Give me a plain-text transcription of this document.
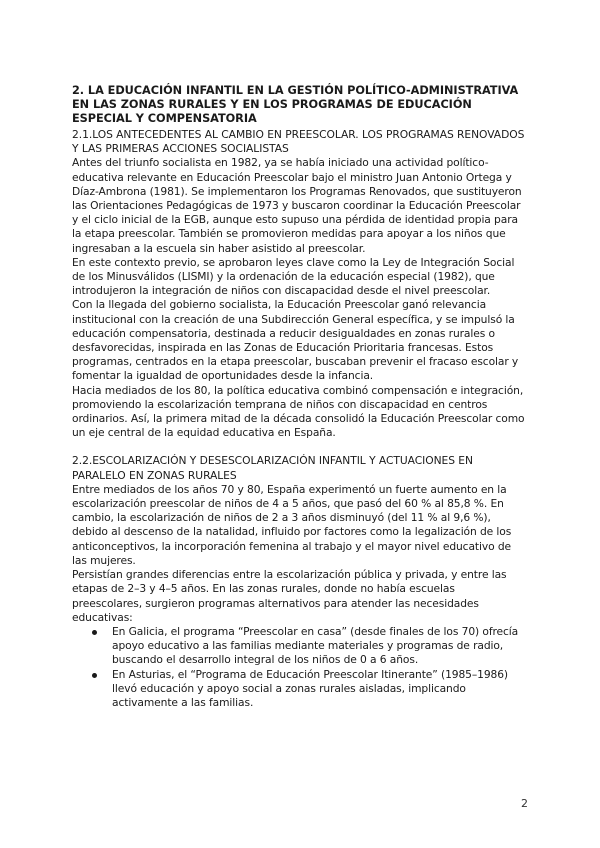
2. LA EDUCACIÓN INFANTIL EN LA GESTIÓN POLÍTICO-ADMINISTRATIVA EN LAS ZONAS RURALES Y EN LOS PROGRAMAS DE EDUCACIÓN ESPECIAL Y COMPENSATORIA
2.1.LOS ANTECEDENTES AL CAMBIO EN PREESCOLAR. LOS PROGRAMAS RENOVADOS Y LAS PRIMERAS ACCIONES SOCIALISTAS

Antes del triunfo socialista en 1982, ya se había iniciado una actividad político-educativa relevante en Educación Preescolar bajo el ministro Juan Antonio Ortega y Díaz-Ambrona (1981). Se implementaron los Programas Renovados, que sustituyeron las Orientaciones Pedagógicas de 1973 y buscaron coordinar la Educación Preescolar y el ciclo inicial de la EGB, aunque esto supuso una pérdida de identidad propia para la etapa preescolar. También se promovieron medidas para apoyar a los niños que ingresaban a la escuela sin haber asistido al preescolar.

En este contexto previo, se aprobaron leyes clave como la Ley de Integración Social de los Minusválidos (LISMI) y la ordenación de la educación especial (1982), que introdujeron la integración de niños con discapacidad desde el nivel preescolar.

Con la llegada del gobierno socialista, la Educación Preescolar ganó relevancia institucional con la creación de una Subdirección General específica, y se impulsó la educación compensatoria, destinada a reducir desigualdades en zonas rurales o desfavorecidas, inspirada en las Zonas de Educación Prioritaria francesas. Estos programas, centrados en la etapa preescolar, buscaban prevenir el fracaso escolar y fomentar la igualdad de oportunidades desde la infancia.

Hacia mediados de los 80, la política educativa combinó compensación e integración, promoviendo la escolarización temprana de niños con discapacidad en centros ordinarios. Así, la primera mitad de la década consolidó la Educación Preescolar como un eje central de la equidad educativa en España.

2.2.ESCOLARIZACIÓN Y DESESCOLARIZACIÓN INFANTIL Y ACTUACIONES EN PARALELO EN ZONAS RURALES

Entre mediados de los años 70 y 80, España experimentó un fuerte aumento en la escolarización preescolar de niños de 4 a 5 años, que pasó del 60 % al 85,8 %. En cambio, la escolarización de niños de 2 a 3 años disminuyó (del 11 % al 9,6 %), debido al descenso de la natalidad, influido por factores como la legalización de los anticonceptivos, la incorporación femenina al trabajo y el mayor nivel educativo de las mujeres.

Persistían grandes diferencias entre la escolarización pública y privada, y entre las etapas de 2–3 y 4–5 años. En las zonas rurales, donde no había escuelas preescolares, surgieron programas alternativos para atender las necesidades educativas:

En Galicia, el programa “Preescolar en casa” (desde finales de los 70) ofrecía apoyo educativo a las familias mediante materiales y programas de radio, buscando el desarrollo integral de los niños de 0 a 6 años.
En Asturias, el “Programa de Educación Preescolar Itinerante” (1985–1986) llevó educación y apoyo social a zonas rurales aisladas, implicando activamente a las familias.
2
